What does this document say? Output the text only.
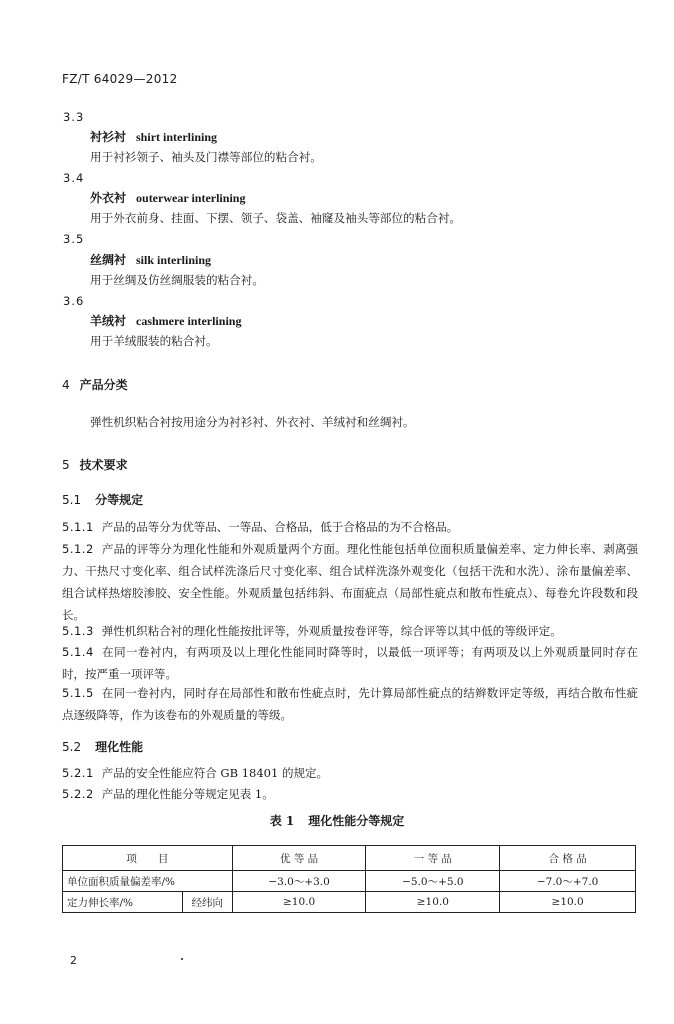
FZ/T 64029—2012
3.3
衬衫衬 shirt interlining
用于衬衫领子、袖头及门襟等部位的粘合衬。
3.4
外衣衬 outerwear interlining
用于外衣前身、挂面、下摆、领子、袋盖、袖窿及袖头等部位的粘合衬。
3.5
丝绸衬 silk interlining
用于丝绸及仿丝绸服装的粘合衬。
3.6
羊绒衬 cashmere interlining
用于羊绒服装的粘合衬。
4 产品分类
弹性机织粘合衬按用途分为衬衫衬、外衣衬、羊绒衬和丝绸衬。
5 技术要求
5.1 分等规定
5.1.1 产品的品等分为优等品、一等品、合格品，低于合格品的为不合格品。
5.1.2 产品的评等分为理化性能和外观质量两个方面。理化性能包括单位面积质量偏差率、定力伸长率、剥离强力、干热尺寸变化率、组合试样洗涤后尺寸变化率、组合试样洗涤外观变化（包括干洗和水洗）、涂布量偏差率、组合试样热熔胶渗胶、安全性能。外观质量包括纬斜、布面疵点（局部性疵点和散布性疵点）、每卷允许段数和段长。
5.1.3 弹性机织粘合衬的理化性能按批评等，外观质量按卷评等，综合评等以其中低的等级评定。
5.1.4 在同一卷衬内，有两项及以上理化性能同时降等时，以最低一项评等；有两项及以上外观质量同时存在时，按严重一项评等。
5.1.5 在同一卷衬内，同时存在局部性和散布性疵点时，先计算局部性疵点的结辫数评定等级，再结合散布性疵点逐级降等，作为该卷布的外观质量的等级。
5.2 理化性能
5.2.1 产品的安全性能应符合 GB 18401 的规定。
5.2.2 产品的理化性能分等规定见表 1。
表 1 理化性能分等规定
项　　目		优 等 品	一 等 品	合 格 品
单位面积质量偏差率/%		−3.0～+3.0	−5.0～+5.0	−7.0～+7.0
定力伸长率/%	经纬向	≥10.0	≥10.0	≥10.0
2
